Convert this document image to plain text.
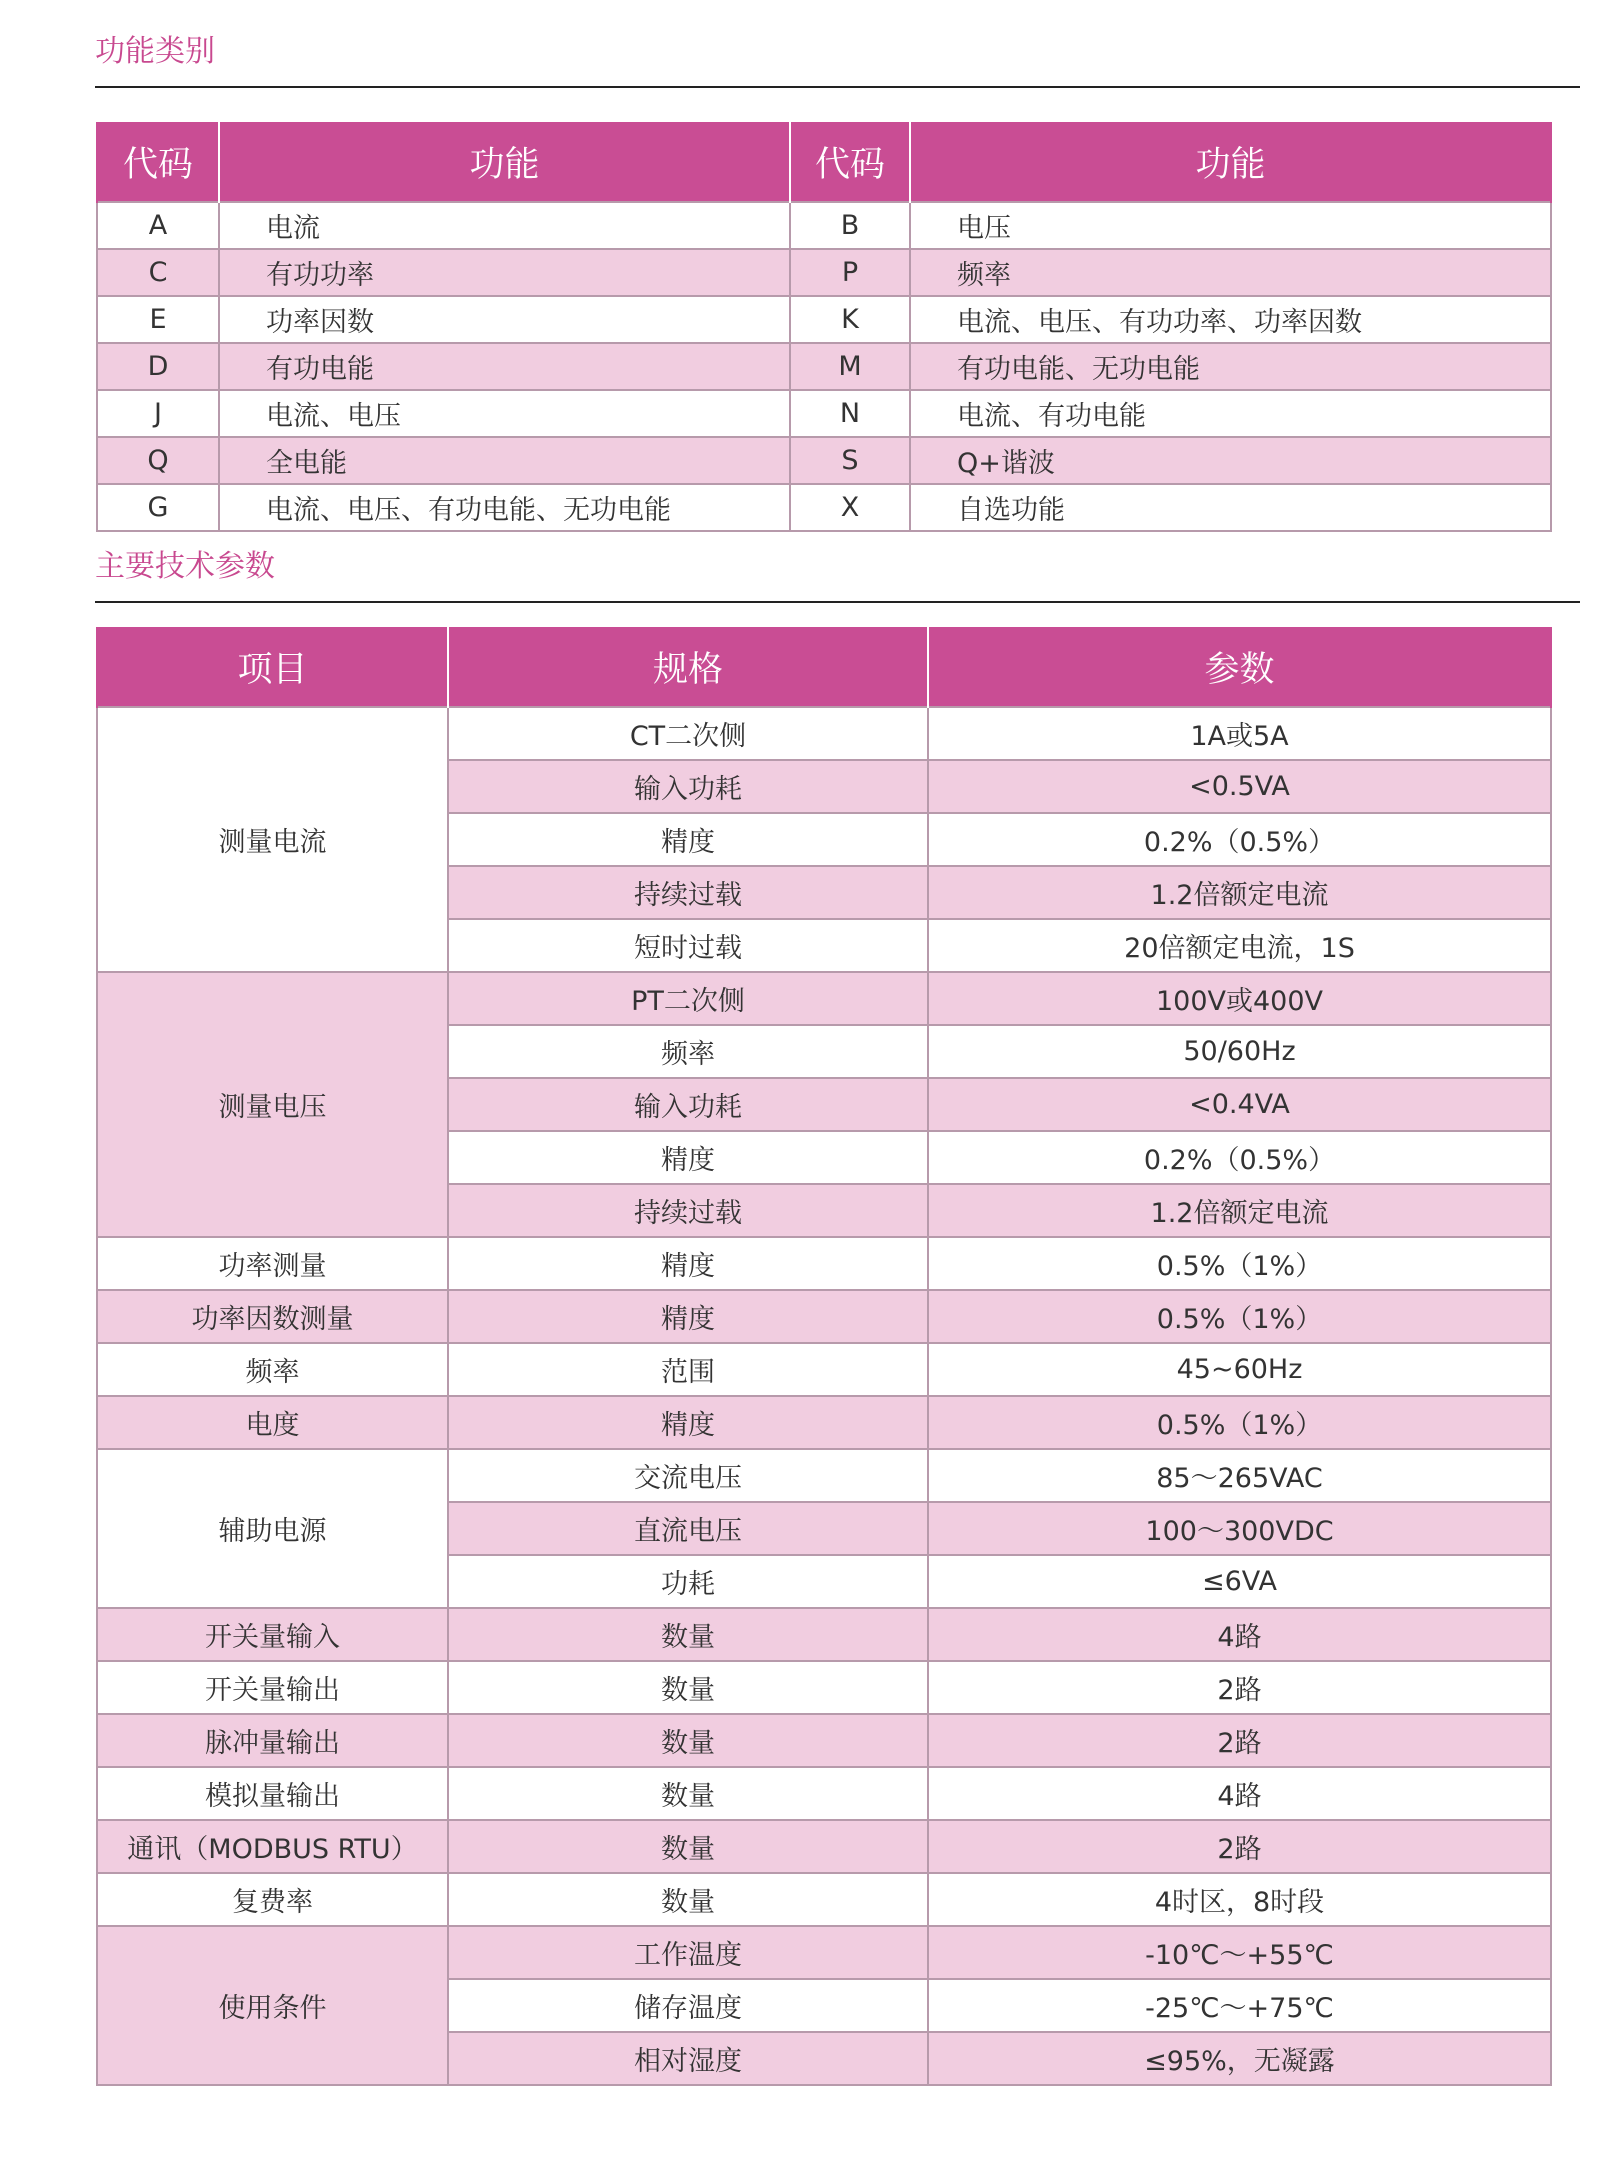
功能类别
代码	功能	代码	功能
A	电流	B	电压
C	有功功率	P	频率
E	功率因数	K	电流、电压、有功功率、功率因数
D	有功电能	M	有功电能、无功电能
J	电流、电压	N	电流、有功电能
Q	全电能	S	Q+谐波
G	电流、电压、有功电能、无功电能	X	自选功能
主要技术参数
项目	规格	参数
测量电流	CT二次侧	1A或5A
	输入功耗	<0.5VA
	精度	0.2%（0.5%）
	持续过载	1.2倍额定电流
	短时过载	20倍额定电流，1S
测量电压	PT二次侧	100V或400V
	频率	50/60Hz
	输入功耗	<0.4VA
	精度	0.2%（0.5%）
	持续过载	1.2倍额定电流
功率测量	精度	0.5%（1%）
功率因数测量	精度	0.5%（1%）
频率	范围	45~60Hz
电度	精度	0.5%（1%）
辅助电源	交流电压	85～265VAC
	直流电压	100～300VDC
	功耗	≤6VA
开关量输入	数量	4路
开关量输出	数量	2路
脉冲量输出	数量	2路
模拟量输出	数量	4路
通讯（MODBUS RTU）	数量	2路
复费率	数量	4时区，8时段
使用条件	工作温度	-10℃～+55℃
	储存温度	-25℃～+75℃
	相对湿度	≤95%，无凝露
